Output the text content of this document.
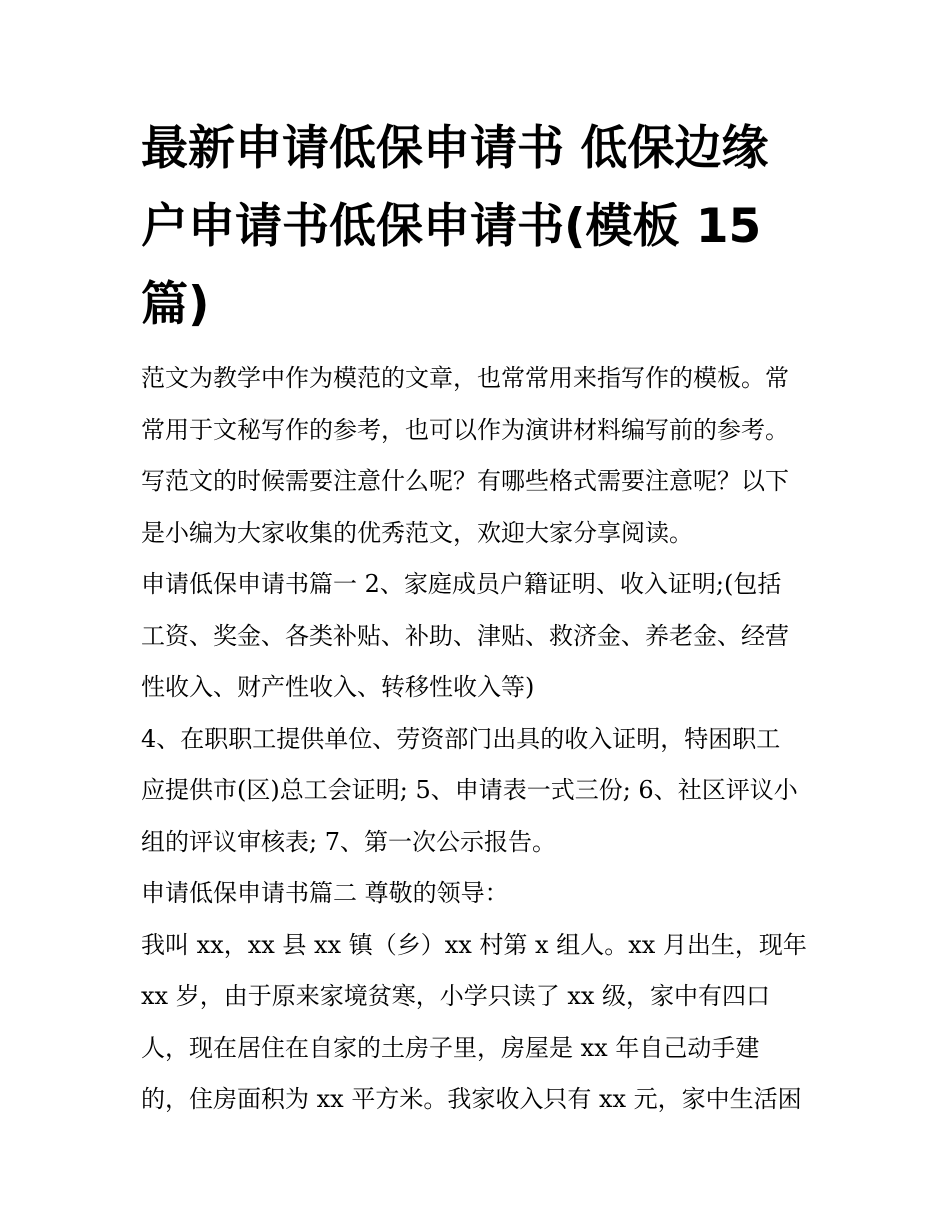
最新申请低保申请书 低保边缘
户申请书低保申请书(模板 15
篇)
范文为教学中作为模范的文章，也常常用来指写作的模板。常
常用于文秘写作的参考，也可以作为演讲材料编写前的参考。
写范文的时候需要注意什么呢？有哪些格式需要注意呢？以下
是小编为大家收集的优秀范文，欢迎大家分享阅读。
申请低保申请书篇一 2、家庭成员户籍证明、收入证明;(包括
工资、奖金、各类补贴、补助、津贴、救济金、养老金、经营
性收入、财产性收入、转移性收入等)
4、在职职工提供单位、劳资部门出具的收入证明，特困职工
应提供市(区)总工会证明; 5、申请表一式三份; 6、社区评议小
组的评议审核表; 7、第一次公示报告。
申请低保申请书篇二 尊敬的领导：
我叫 xx，xx 县 xx 镇（乡）xx 村第 x 组人。xx 月出生，现年
xx 岁，由于原来家境贫寒，小学只读了 xx 级，家中有四口
人，现在居住在自家的土房子里，房屋是 xx 年自己动手建
的，住房面积为 xx 平方米。我家收入只有 xx 元，家中生活困
